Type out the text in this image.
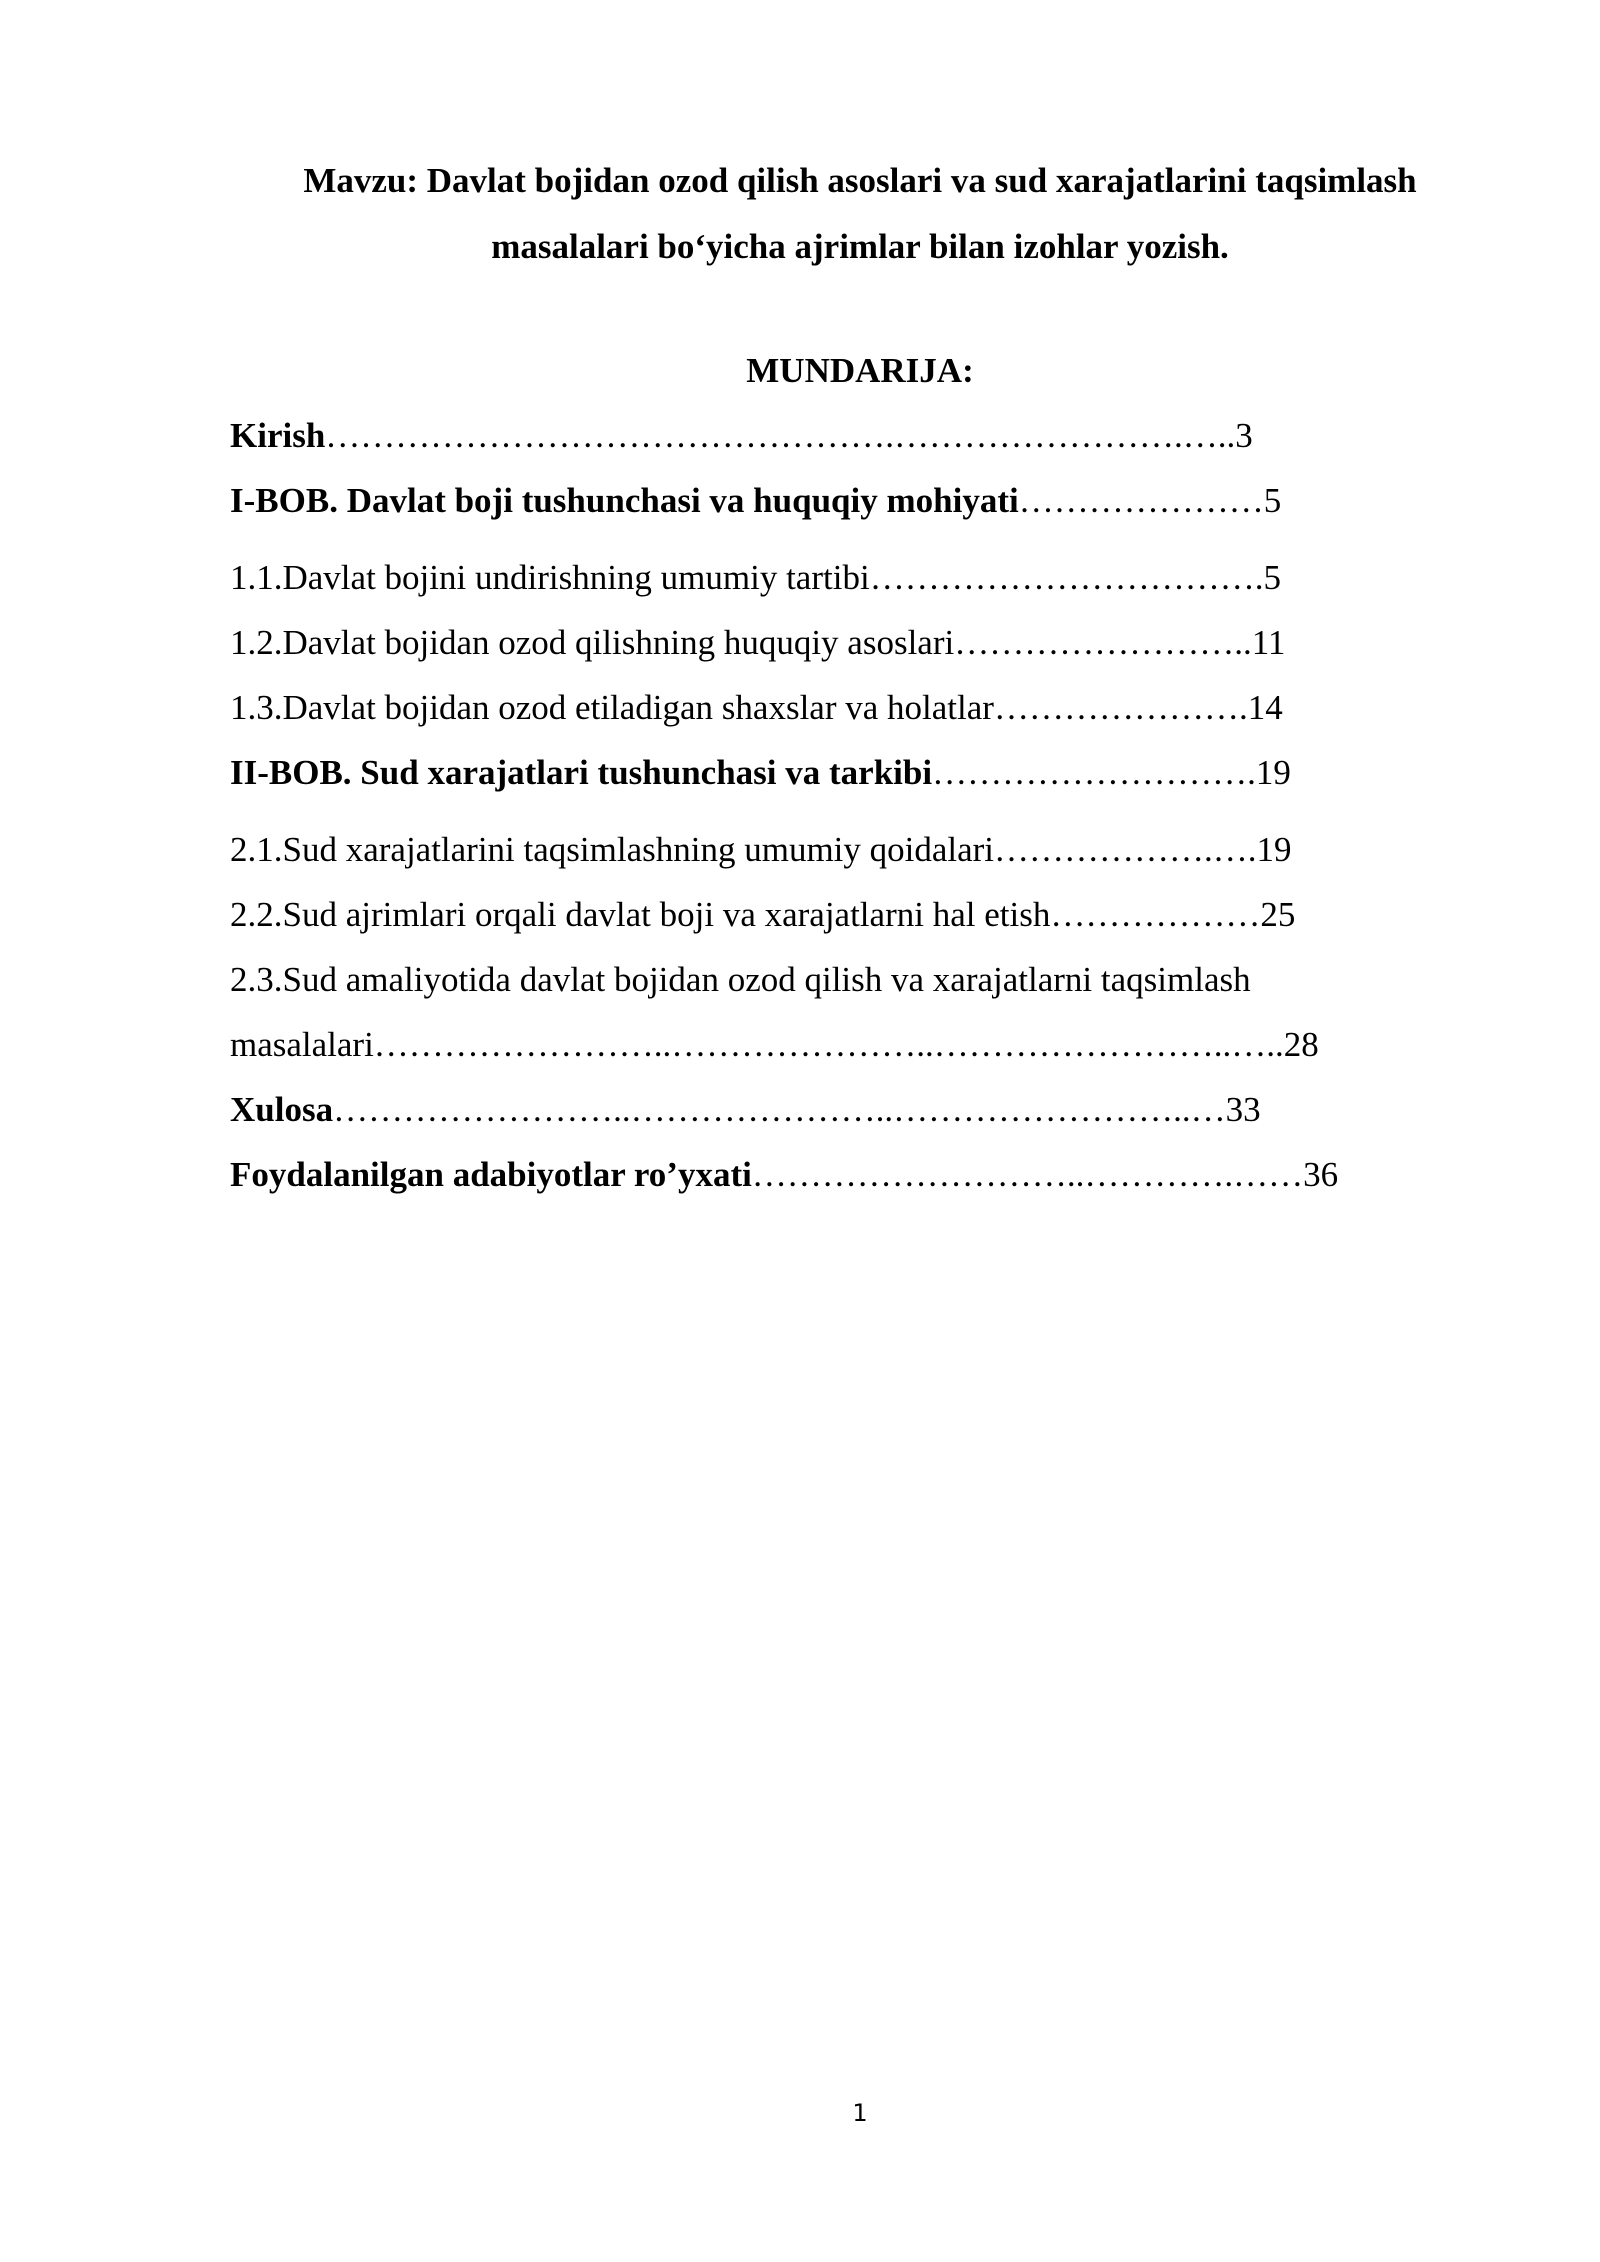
Mavzu: Davlat bojidan ozod qilish asoslari va sud xarajatlarini taqsimlash
masalalari bo‘yicha ajrimlar bilan izohlar yozish.
MUNDARIJA:
Kirish………………………………………….…………………….…..3
I-BOB. Davlat boji tushunchasi va huquqiy mohiyati…………………5
1.1.Davlat bojini undirishning umumiy tartibi…………………………….5
1.2.Davlat bojidan ozod qilishning huquqiy asoslari……………………..11
1.3.Davlat bojidan ozod etiladigan shaxslar va holatlar………………….14
II-BOB. Sud xarajatlari tushunchasi va tarkibi……………………….19
2.1.Sud xarajatlarini taqsimlashning umumiy qoidalari……………….….19
2.2.Sud ajrimlari orqali davlat boji va xarajatlarni hal etish………………25
2.3.Sud amaliyotida davlat bojidan ozod qilish va xarajatlarni taqsimlash
masalalari……………………..…………………..……………………..…..28
Xulosa……………………..…………………..……………………..…33
Foydalanilgan adabiyotlar ro’yxati………………………..………….……36
1
